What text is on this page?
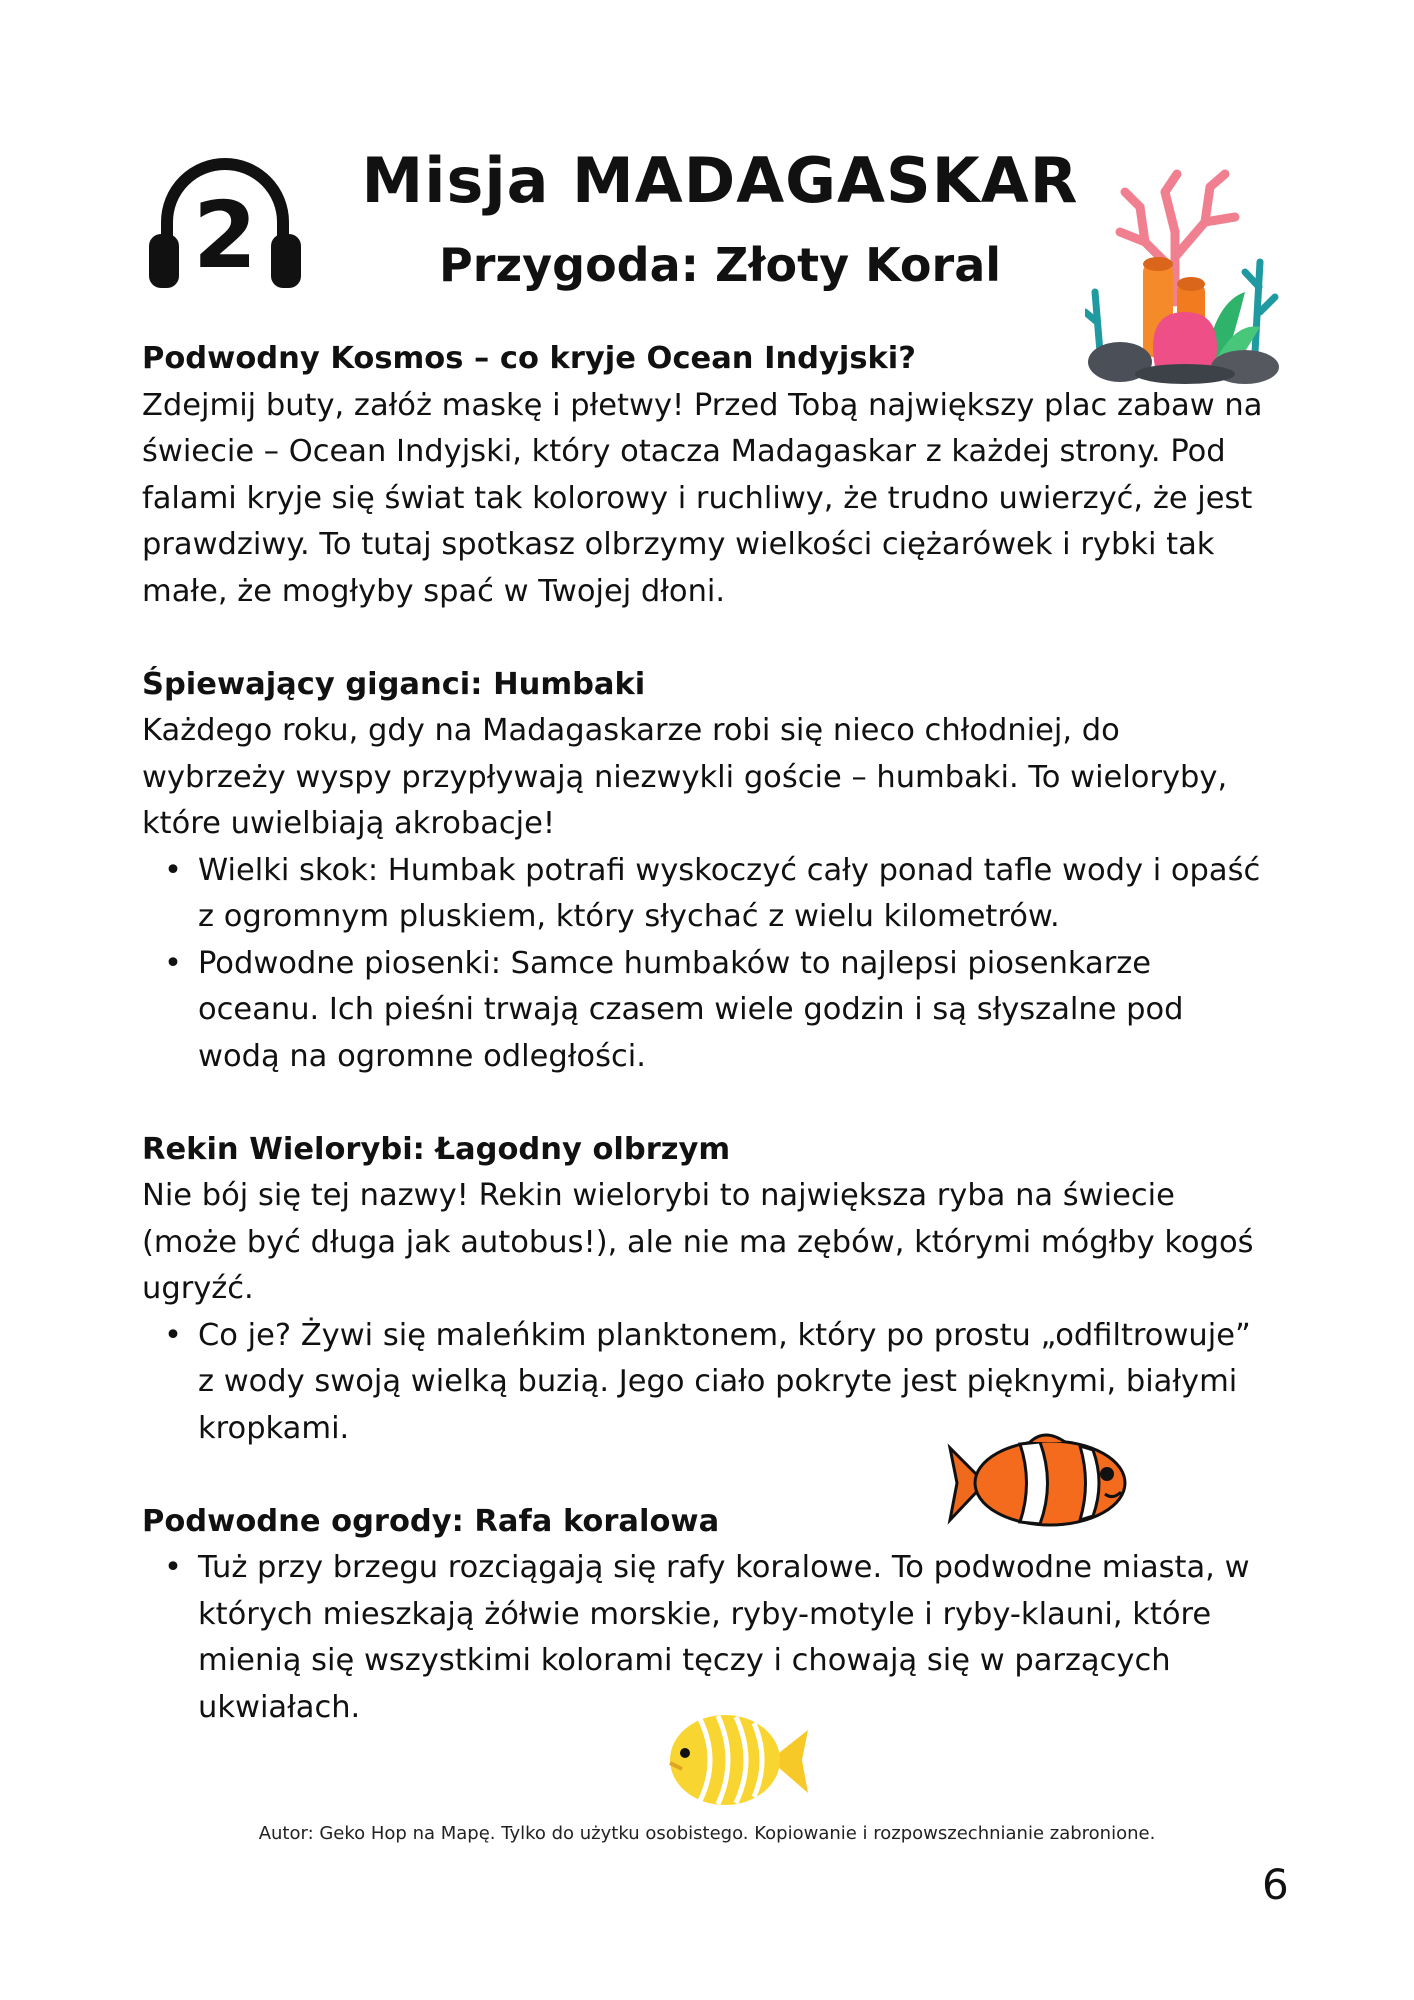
2
Misja MADAGASKAR
Przygoda: Złoty Koral
Podwodny Kosmos – co kryje Ocean Indyjski?

Zdejmij buty, załóż maskę i płetwy! Przed Tobą największy plac zabaw na świecie – Ocean Indyjski, który otacza Madagaskar z każdej strony. Pod falami kryje się świat tak kolorowy i ruchliwy, że trudno uwierzyć, że jest prawdziwy. To tutaj spotkasz olbrzymy wielkości ciężarówek i rybki tak małe, że mogłyby spać w Twojej dłoni.

Śpiewający giganci: Humbaki

Każdego roku, gdy na Madagaskarze robi się nieco chłodniej, do wybrzeży wyspy przypływają niezwykli goście – humbaki. To wieloryby, które uwielbiają akrobacje!

• Wielki skok: Humbak potrafi wyskoczyć cały ponad tafle wody i opaść z ogromnym pluskiem, który słychać z wielu kilometrów.
• Podwodne piosenki: Samce humbaków to najlepsi piosenkarze oceanu. Ich pieśni trwają czasem wiele godzin i są słyszalne pod wodą na ogromne odległości.
Rekin Wielorybi: Łagodny olbrzym

Nie bój się tej nazwy! Rekin wielorybi to największa ryba na świecie (może być długa jak autobus!), ale nie ma zębów, którymi mógłby kogoś ugryźć.

• Co je? Żywi się maleńkim planktonem, który po prostu „odfiltrowuje” z wody swoją wielką buzią. Jego ciało pokryte jest pięknymi, białymi kropkami.
Podwodne ogrody: Rafa koralowa
• Tuż przy brzegu rozciągają się rafy koralowe. To podwodne miasta, w których mieszkają żółwie morskie, ryby-motyle i ryby-klauni, które mienią się wszystkimi kolorami tęczy i chowają się w parzących ukwiałach.
Autor: Geko Hop na Mapę. Tylko do użytku osobistego. Kopiowanie i rozpowszechnianie zabronione.
6
